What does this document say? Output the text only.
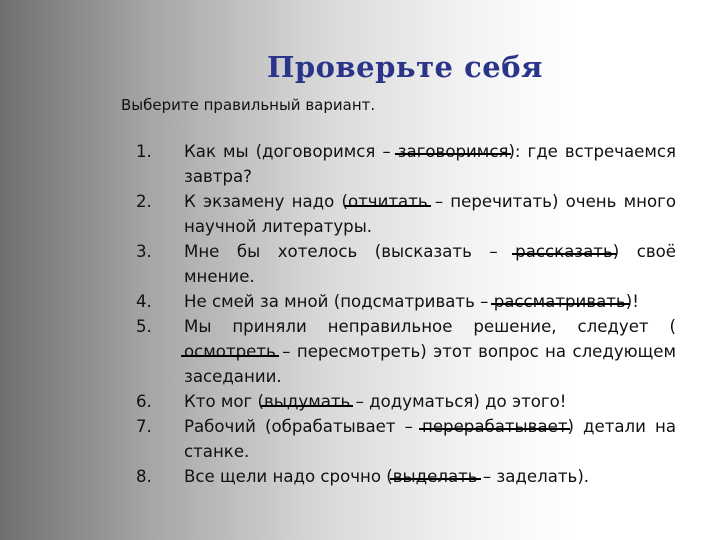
Проверьте себя
Выберите правильный вариант.
1.	Как мы (договоримся – заговоримся): где встречаемся завтра?
2.	К экзамену надо (отчитать – перечитать) очень много научной литературы.
3.	Мне бы хотелось (высказать – рассказать) своё мнение.
4.	Не смей за мной (подсматривать – рассматривать)!
5.	Мы приняли неправильное решение, следует (осмотреть – пересмотреть) этот вопрос на следующем заседании.
6.	Кто мог (выдумать – додуматься) до этого!
7.	Рабочий (обрабатывает – перерабатывает) детали на станке.
8.	Все щели надо срочно (выделать – заделать).
